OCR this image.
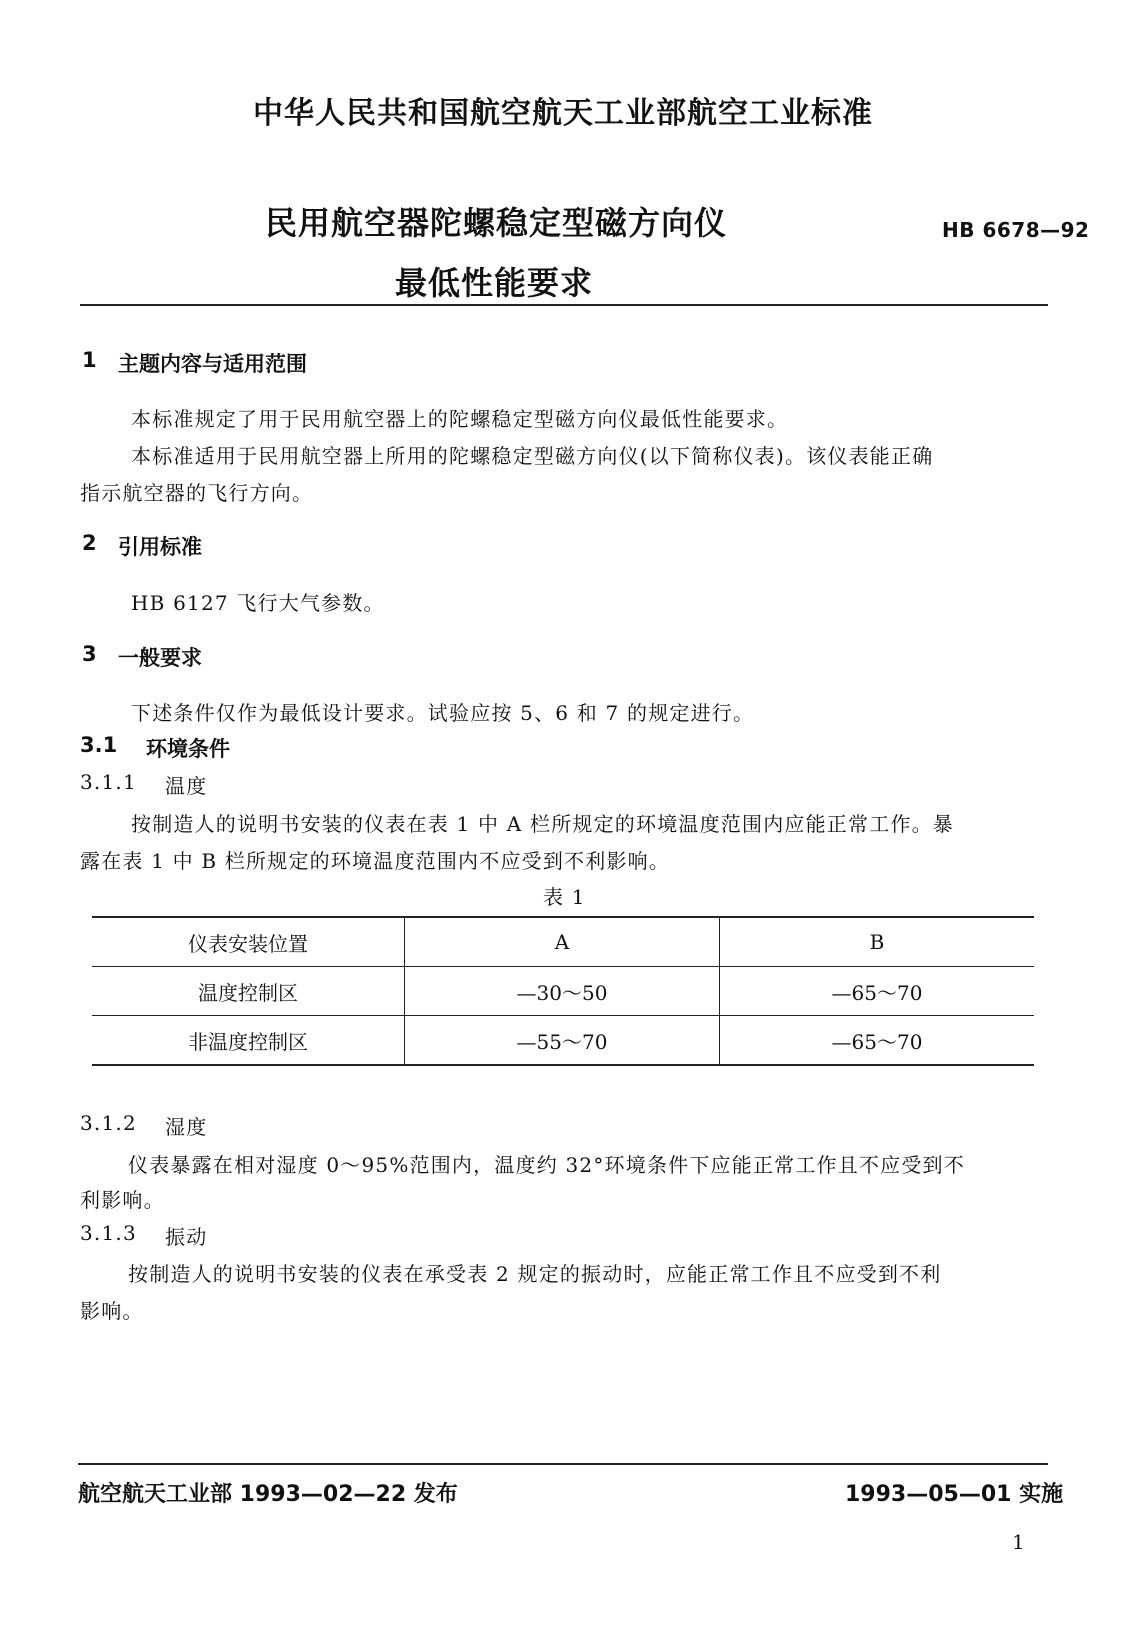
中华人民共和国航空航天工业部航空工业标准
民用航空器陀螺稳定型磁方向仪
最低性能要求
HB 6678—92
1 主题内容与适用范围
本标准规定了用于民用航空器上的陀螺稳定型磁方向仪最低性能要求。
本标准适用于民用航空器上所用的陀螺稳定型磁方向仪(以下简称仪表)。该仪表能正确
指示航空器的飞行方向。
2 引用标准
HB 6127 飞行大气参数。
3 一般要求
下述条件仅作为最低设计要求。试验应按 5、6 和 7 的规定进行。
3.1 环境条件
3.1.1 温度
按制造人的说明书安装的仪表在表 1 中 A 栏所规定的环境温度范围内应能正常工作。暴
露在表 1 中 B 栏所规定的环境温度范围内不应受到不利影响。
表 1
仪表安装位置	A	B
温度控制区	—30～50	—65～70
非温度控制区	—55～70	—65～70
3.1.2 湿度
仪表暴露在相对湿度 0～95%范围内，温度约 32°环境条件下应能正常工作且不应受到不
利影响。
3.1.3 振动
按制造人的说明书安装的仪表在承受表 2 规定的振动时，应能正常工作且不应受到不利
影响。
航空航天工业部 1993—02—22 发布	1993—05—01 实施
1
